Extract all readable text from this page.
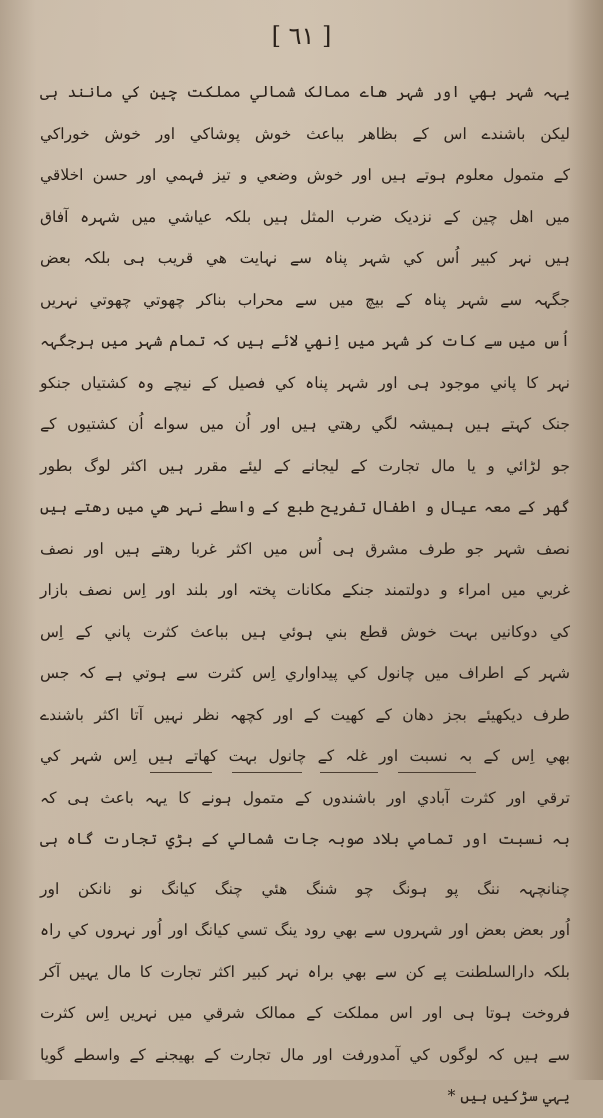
[ ٦١ ]
یہہ شہر بھي اور شہر ھاے ممالک شمالي مملکت چین کي مانند ہی
لیکن باشندے اس کے بظاھر بباعث خوش پوشاکي اور خوش خوراکي
کے متمول معلوم ہوتے ہیں اور خوش وضعي و تیز فہمي اور حسن اخلاقي
میں اھل چین کے نزدیک ضرب المثل ہیں بلکہ عیاشي میں شہرہ آفاق
ہیں نہر کبیر اُس کي شہر پناہ سے نہایت ھي قریب ہی بلکہ بعض
جگہہ سے شہر پناہ کے بیچ میں سے محراب بناکر چھوتي چھوتي نہریں
اُس میں سے کات کر شہر میں اِنھي لائے ہیں کہ تمام شہر میں ہرجگہہ
نہر کا پاني موجود ہی اور شہر پناہ کي فصیل کے نیچے وہ کشتیاں جنکو
جنک کہتے ہیں ہمیشہ لگي رھتي ہیں اور اُن میں سواے اُن کشتیوں کے
جو لڑائي و یا مال تجارت کے لیجانے کے لیئے مقرر ہیں اکثر لوگ بطور
گھر کے معہ عیال و اطفال تفریح طبع کے واسطے نہر ھي میں رھتے ہیں
نصف شہر جو طرف مشرق ہی اُس میں اکثر غربا رھتے ہیں اور نصف
غربي میں امراء و دولتمند جنکے مکانات پختہ اور بلند اور اِس نصف بازار
کي دوکانیں بہت خوش قطع بني ہوئي ہیں بباعث کثرت پاني کے اِس
شہر کے اطراف میں چانول کي پیداواري اِس کثرت سے ہوتي ہے کہ جس
طرف دیکھیئے بجز دھان کے کھیت کے اور کچھہ نظر نہیں آتا اکثر باشندے
بھي اِس کے بہ نسبت اور غلہ کے چانول بہت کھاتے ہیں اِس شہر کي
ترقي اور کثرت آبادي اور باشندوں کے متمول ہونے کا یہہ باعث ہی کہ
بہ نسبت اور تمامي بلاد صوبہ جات شمالي کے بڑي تجارت گاہ ہی
چنانچہہ ننگ پو ہونگ چو شنگ ھئي چنگ کیانگ نو نانکن اور
اُور بعض بعض اور شہروں سے بھي رود ینگ تسي کیانگ اور اُور نہروں کي راہ
بلکہ دارالسلطنت پے کن سے بھي براہ نہر کبیر اکثر تجارت کا مال یہیں آکر
فروخت ہوتا ہی اور اس مملکت کے ممالک شرقي میں نہریں اِس کثرت
سے ہیں کہ لوگوں کي آمدورفت اور مال تجارت کے بھیجنے کے واسطے گویا
یہي سڑکیں ہیں *
